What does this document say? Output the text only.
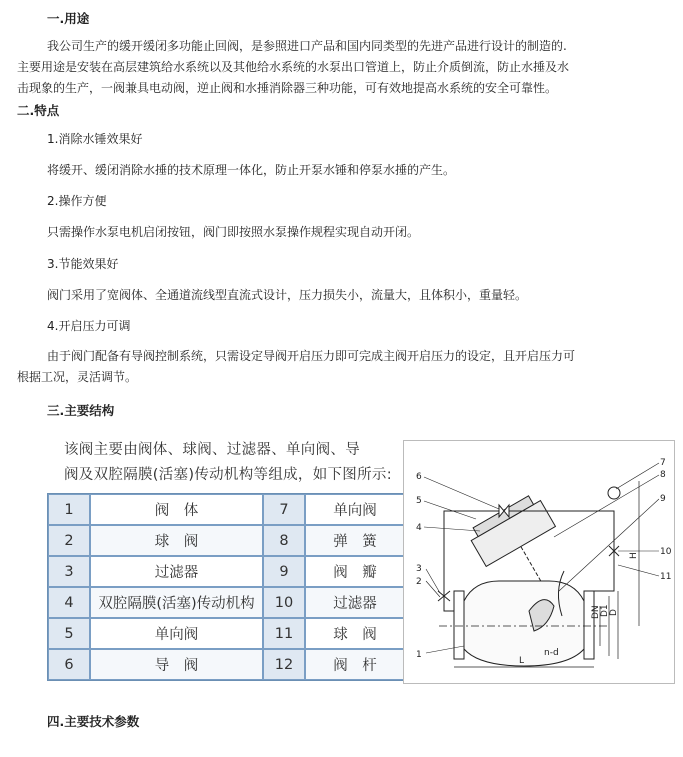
一.用途
我公司生产的缓开缓闭多功能止回阀，是参照进口产品和国内同类型的先进产品进行设计的制造的.
主要用途是安装在高层建筑给水系统以及其他给水系统的水泵出口管道上，防止介质倒流，防止水捶及水
击现象的生产，一阀兼具电动阀，逆止阀和水捶消除器三种功能，可有效地提高水系统的安全可靠性。
二.特点
1.消除水锤效果好
将缓开、缓闭消除水捶的技术原理一体化，防止开泵水锤和停泵水捶的产生。
2.操作方便
只需操作水泵电机启闭按钮，阀门即按照水泵操作规程实现自动开闭。
3.节能效果好
阀门采用了宽阀体、全通道流线型直流式设计，压力损失小，流量大，且体积小，重量轻。
4.开启压力可调
由于阀门配备有导阀控制系统，只需设定导阀开启压力即可完成主阀开启压力的设定，且开启压力可
根据工况，灵活调节。
三.主要结构
该阀主要由阀体、球阀、过滤器、单向阀、导
阀及双腔隔膜(活塞)传动机构等组成，如下图所示:
1	阀　体	7	单向阀
2	球　阀	8	弹　簧
3	过滤器	9	阀　瓣
4	双腔隔膜(活塞)传动机构	10	过滤器
5	单向阀	11	球　阀
6	导　阀	12	阀　杆
6
5
4
3
2
1
7
8
9
10
11
H
DN D1 D
L
n-d
四.主要技术参数
